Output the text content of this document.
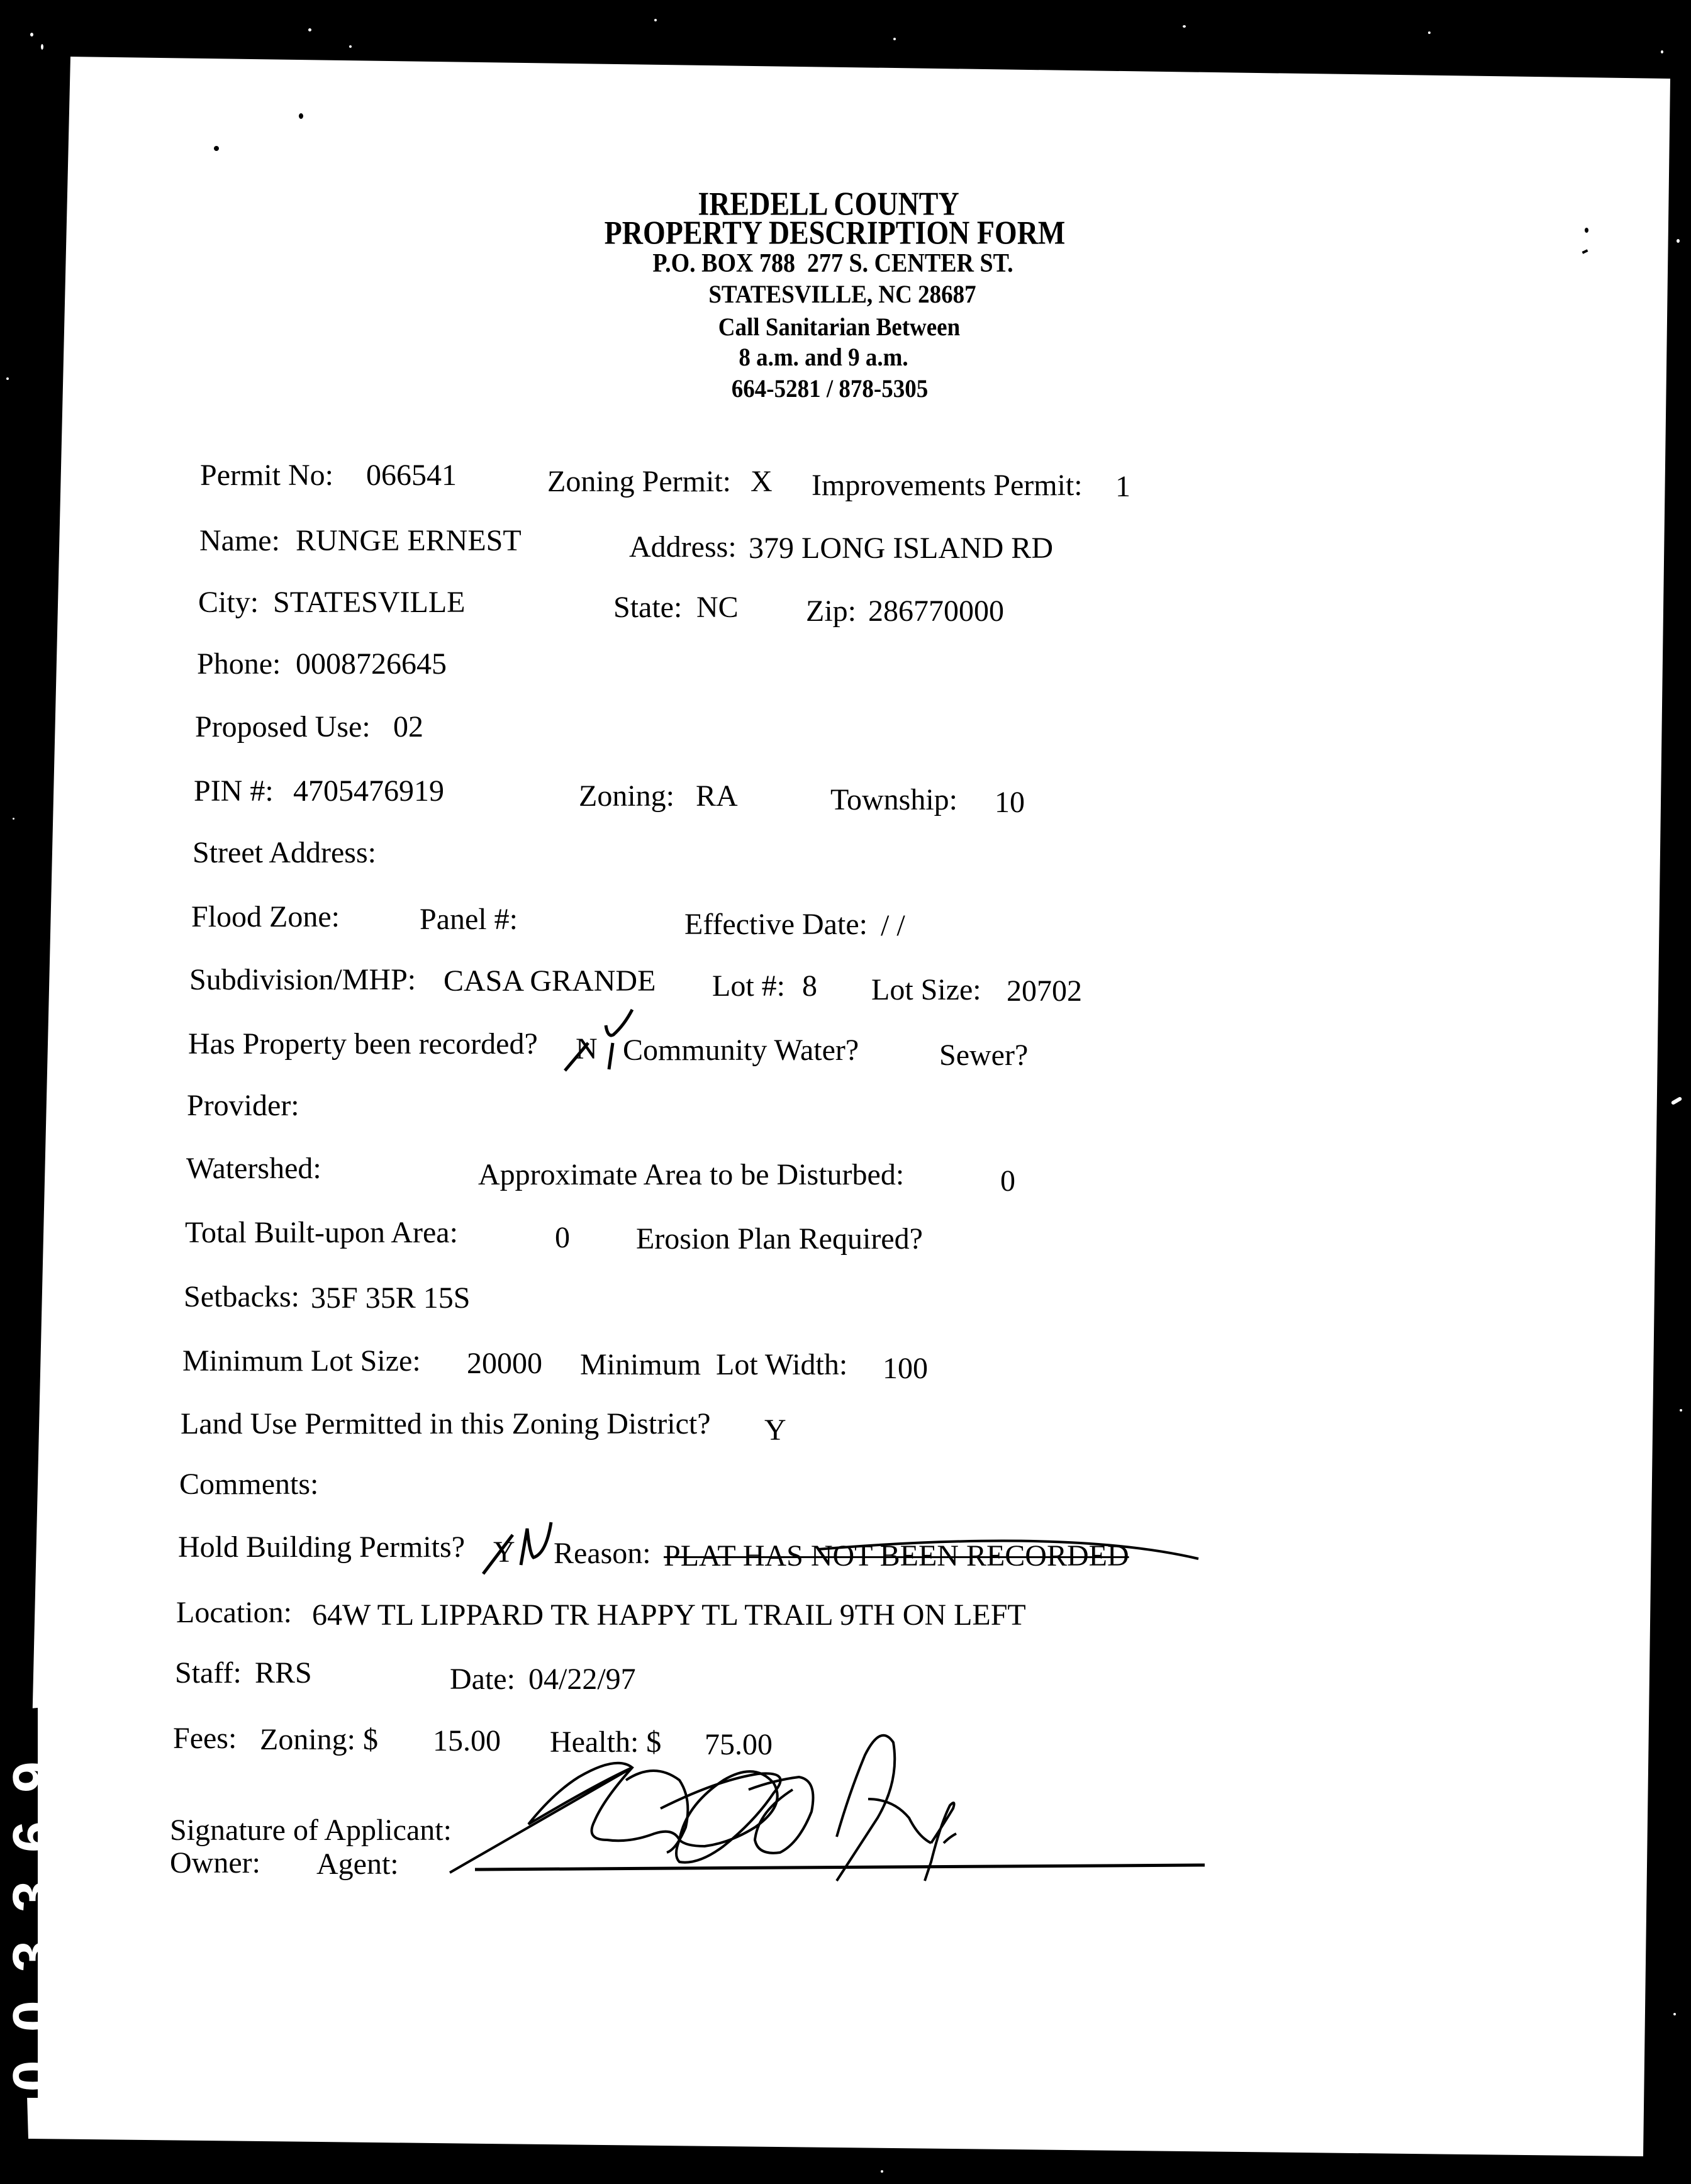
0 0 3 3 6 9
IREDELL COUNTY
PROPERTY DESCRIPTION FORM
P.O. BOX 788  277 S. CENTER ST.
STATESVILLE, NC 28687
Call Sanitarian Between
8 a.m. and 9 a.m.
664-5281 / 878-5305
Permit No: 066541	Zoning Permit: X Improvements Permit: 1
Name: RUNGE ERNEST	Address: 379 LONG ISLAND RD
City: STATESVILLE	State: NC Zip: 286770000
Phone: 0008726645
Proposed Use: 02
PIN #: 4705476919	Zoning: RA	Township: 10
Street Address:
Flood Zone:	Panel #:	Effective Date: / /
Subdivision/MHP: CASA GRANDE Lot #: 8 Lot Size: 20702
Has Property been recorded? N Community Water?	Sewer?
Provider:
Watershed:	Approximate Area to be Disturbed:	0
Total Built-upon Area:	0 Erosion Plan Required?
Setbacks: 35F 35R 15S
Minimum Lot Size: 20000 Minimum  Lot Width: 100
Land Use Permitted in this Zoning District? Y
Comments:
Hold Building Permits? Y Reason: PLAT HAS NOT BEEN RECORDED
Location: 64W TL LIPPARD TR HAPPY TL TRAIL 9TH ON LEFT
Staff: RRS	Date: 04/22/97
Fees: Zoning: $ 15.00 Health: $ 75.00
Signature of Applicant:
Owner: Agent:
